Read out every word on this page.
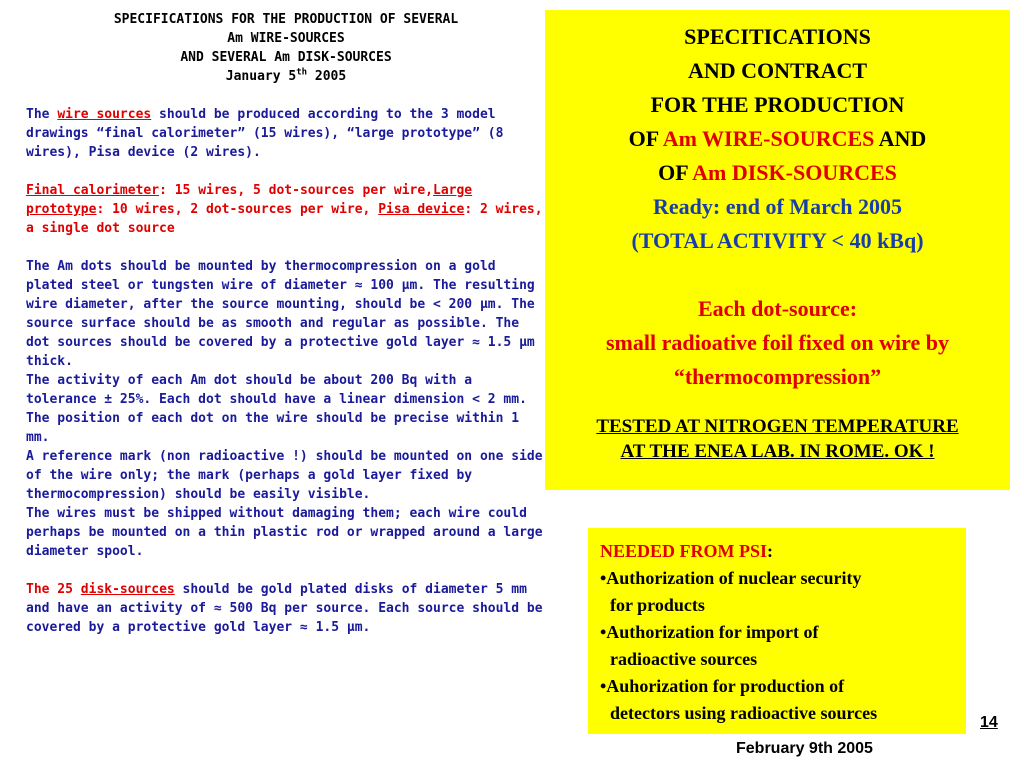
SPECIFICATIONS FOR THE PRODUCTION OF SEVERAL
Am WIRE-SOURCES
AND SEVERAL Am DISK-SOURCES
January 5th 2005

The wire sources should be produced according to the 3 model drawings “final calorimeter” (15 wires), “large prototype” (8 wires), Pisa device (2 wires).

Final calorimeter: 15 wires, 5 dot-sources per wire,Large prototype: 10 wires, 2 dot-sources per wire, Pisa device: 2 wires, a single dot source

The Am dots should be mounted by thermocompression on a gold plated steel or tungsten wire of diameter ≈ 100 μm. The resulting wire diameter, after the source mounting, should be < 200 μm. The source surface should be as smooth and regular as possible. The dot sources should be covered by a protective gold layer ≈ 1.5 μm thick.

The activity of each Am dot should be about 200 Bq with a tolerance ± 25%. Each dot should have a linear dimension < 2 mm. The position of each dot on the wire should be precise within 1 mm.

A reference mark (non radioactive !) should be mounted on one side of the wire only; the mark (perhaps a gold layer fixed by thermocompression) should be easily visible.

The wires must be shipped without damaging them; each wire could perhaps be mounted on a thin plastic rod or wrapped around a large diameter spool.

The 25 disk-sources should be gold plated disks of diameter 5 mm and have an activity of ≈ 500 Bq per source. Each source should be covered by a protective gold layer ≈ 1.5 μm.

SPECITICATIONS
AND CONTRACT
FOR THE PRODUCTION
OF Am WIRE-SOURCES AND
OF Am DISK-SOURCES
Ready: end of March 2005
(TOTAL ACTIVITY < 40 kBq)
Each dot-source:
small radioative foil fixed on wire by
“thermocompression”
TESTED AT NITROGEN TEMPERATURE
AT THE ENEA LAB. IN ROME. OK !
NEEDED FROM PSI:
•Authorization of nuclear security
for products
•Authorization for import of
radioactive sources
•Auhorization for production of
detectors using radioactive sources	14
February 9th 2005
